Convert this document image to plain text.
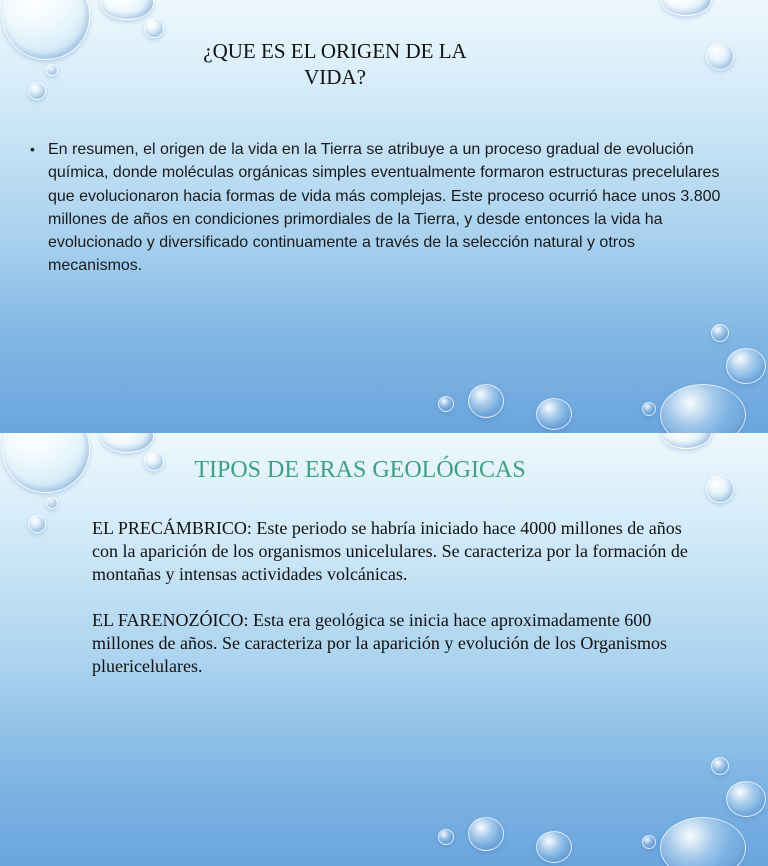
¿QUE ES EL ORIGEN DE LA VIDA?
• En resumen, el origen de la vida en la Tierra se atribuye a un proceso gradual de evolución química, donde moléculas orgánicas simples eventualmente formaron estructuras precelulares que evolucionaron hacia formas de vida más complejas. Este proceso ocurrió hace unos 3.800 millones de años en condiciones primordiales de la Tierra, y desde entonces la vida ha evolucionado y diversificado continuamente a través de la selección natural y otros mecanismos.
TIPOS DE ERAS GEOLÓGICAS

EL PRECÁMBRICO: Este periodo se habría iniciado hace 4000 millones de años con la aparición de los organismos unicelulares. Se caracteriza por la formación de montañas y intensas actividades volcánicas.

EL FARENOZÓICO: Esta era geológica se inicia hace aproximadamente 600 millones de años. Se caracteriza por la aparición y evolución de los Organismos pluericelulares.
